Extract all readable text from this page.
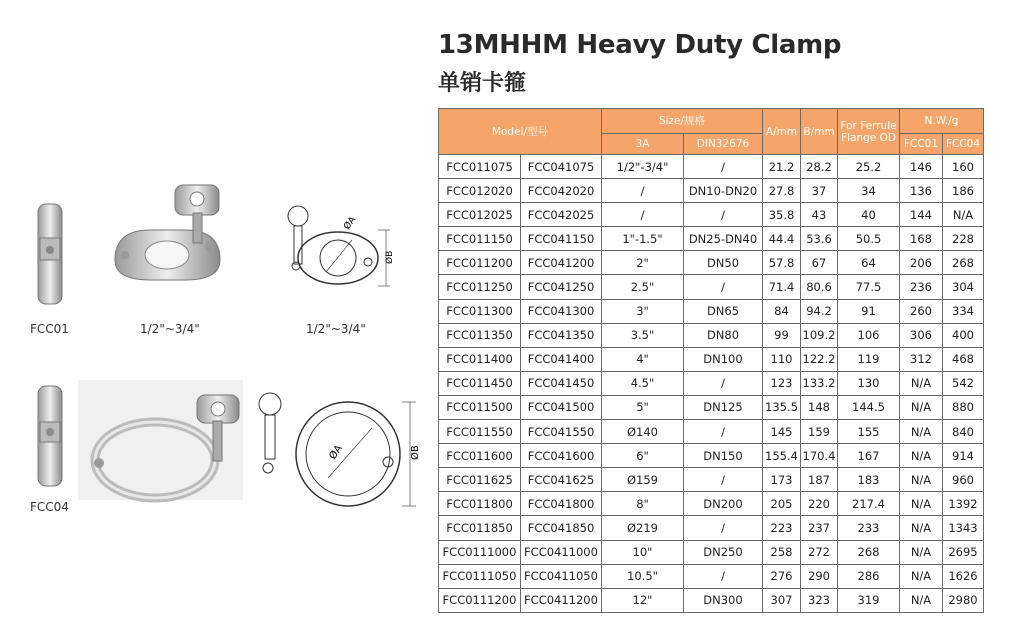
13MHHM Heavy Duty Clamp
单销卡箍
FCC01	1/2"~3/4"
ØA
ØB
1/2"~3/4"
FCC04
ØA	ØB
Model/型号		Size/规格		A/mm	B/mm	For Ferrule Flange OD	N.W./g	
		3A	DIN32676				FCC01	FCC04
FCC011075	FCC041075	1/2"-3/4"	/	21.2	28.2	25.2	146	160
FCC012020	FCC042020	/	DN10-DN20	27.8	37	34	136	186
FCC012025	FCC042025	/	/	35.8	43	40	144	N/A
FCC011150	FCC041150	1"-1.5"	DN25-DN40	44.4	53.6	50.5	168	228
FCC011200	FCC041200	2"	DN50	57.8	67	64	206	268
FCC011250	FCC041250	2.5"	/	71.4	80.6	77.5	236	304
FCC011300	FCC041300	3"	DN65	84	94.2	91	260	334
FCC011350	FCC041350	3.5"	DN80	99	109.2	106	306	400
FCC011400	FCC041400	4"	DN100	110	122.2	119	312	468
FCC011450	FCC041450	4.5"	/	123	133.2	130	N/A	542
FCC011500	FCC041500	5"	DN125	135.5	148	144.5	N/A	880
FCC011550	FCC041550	Ø140	/	145	159	155	N/A	840
FCC011600	FCC041600	6"	DN150	155.4	170.4	167	N/A	914
FCC011625	FCC041625	Ø159	/	173	187	183	N/A	960
FCC011800	FCC041800	8"	DN200	205	220	217.4	N/A	1392
FCC011850	FCC041850	Ø219	/	223	237	233	N/A	1343
FCC0111000	FCC0411000	10"	DN250	258	272	268	N/A	2695
FCC0111050	FCC0411050	10.5"	/	276	290	286	N/A	1626
FCC0111200	FCC0411200	12"	DN300	307	323	319	N/A	2980
